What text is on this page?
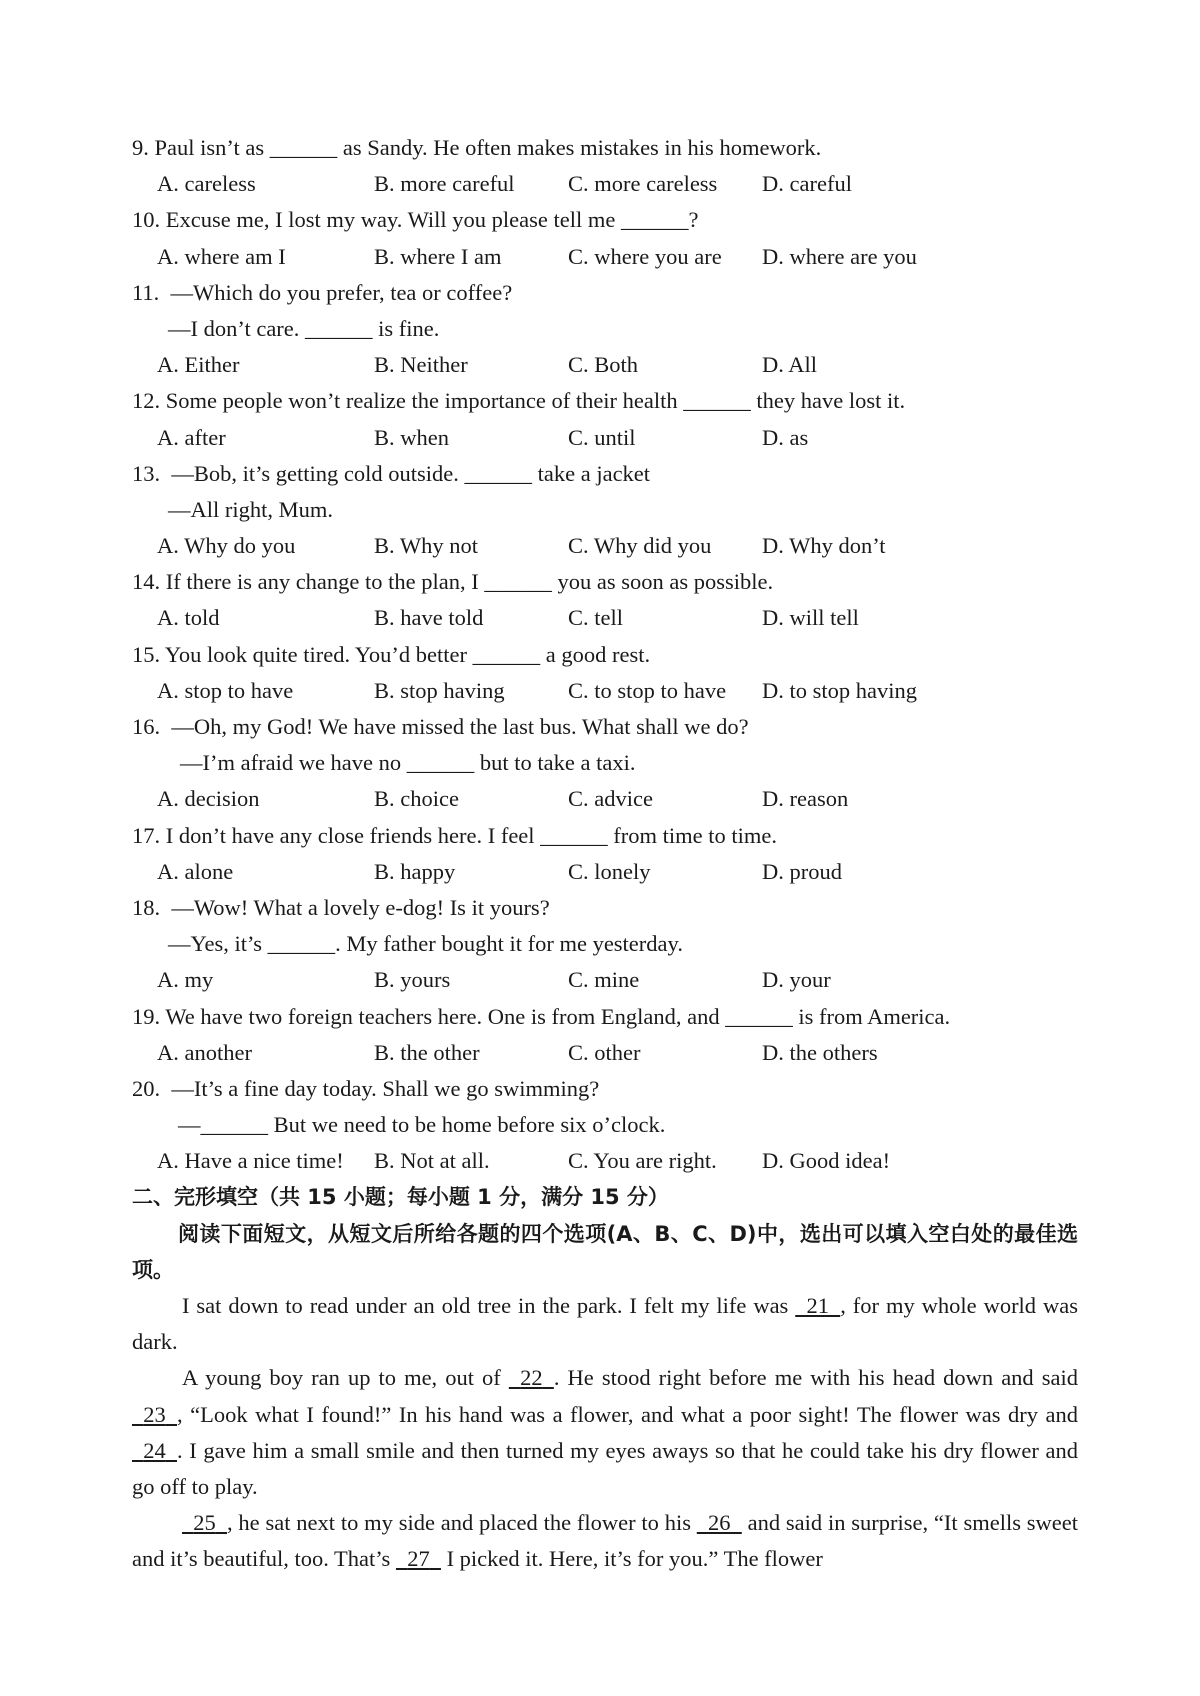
9. Paul isn’t as ______ as Sandy. He often makes mistakes in his homework.
A. careless	B. more careful C. more careless D. careful
10. Excuse me, I lost my way. Will you please tell me ______?
A. where am I	B. where I am	C. where you are D. where are you
11. —Which do you prefer, tea or coffee?
—I don’t care. ______ is fine.
A. Either	B. Neither	C. Both	D. All
12. Some people won’t realize the importance of their health ______ they have lost it.
A. after	B. when	C. until	D. as
13. —Bob, it’s getting cold outside. ______ take a jacket
—All right, Mum.
A. Why do you	B. Why not	C. Why did you D. Why don’t
14. If there is any change to the plan, I ______ you as soon as possible.
A. told	B. have told	C. tell	D. will tell
15. You look quite tired. You’d better ______ a good rest.
A. stop to have	B. stop having	C. to stop to have D. to stop having
16. —Oh, my God! We have missed the last bus. What shall we do?
—I’m afraid we have no ______ but to take a taxi.
A. decision	B. choice	C. advice	D. reason
17. I don’t have any close friends here. I feel ______ from time to time.
A. alone	B. happy	C. lonely	D. proud
18. —Wow! What a lovely e-dog! Is it yours?
—Yes, it’s ______. My father bought it for me yesterday.
A. my	B. yours	C. mine	D. your
19. We have two foreign teachers here. One is from England, and ______ is from America.
A. another	B. the other	C. other	D. the others
20. —It’s a fine day today. Shall we go swimming?
—______ But we need to be home before six o’clock.
A. Have a nice time! B. Not at all.	C. You are right. D. Good idea!
二、完形填空（共 15 小题；每小题 1 分，满分 15 分）
阅读下面短文，从短文后所给各题的四个选项(A、B、C、D)中，选出可以填入空白处的最佳选项。
I sat down to read under an old tree in the park. I felt my life was   21 , for my whole world was dark.
A young boy ran up to me, out of   22 . He stood right before me with his head down and said   23 , “Look what I found!” In his hand was a flower, and what a poor sight! The flower was dry and   24 . I gave him a small smile and then turned my eyes aways so that he could take his dry flower and go off to play.
25 , he sat next to my side and placed the flower to his   26   and said in surprise, “It smells sweet and it’s beautiful, too. That’s   27   I picked it. Here, it’s for you.” The flower
